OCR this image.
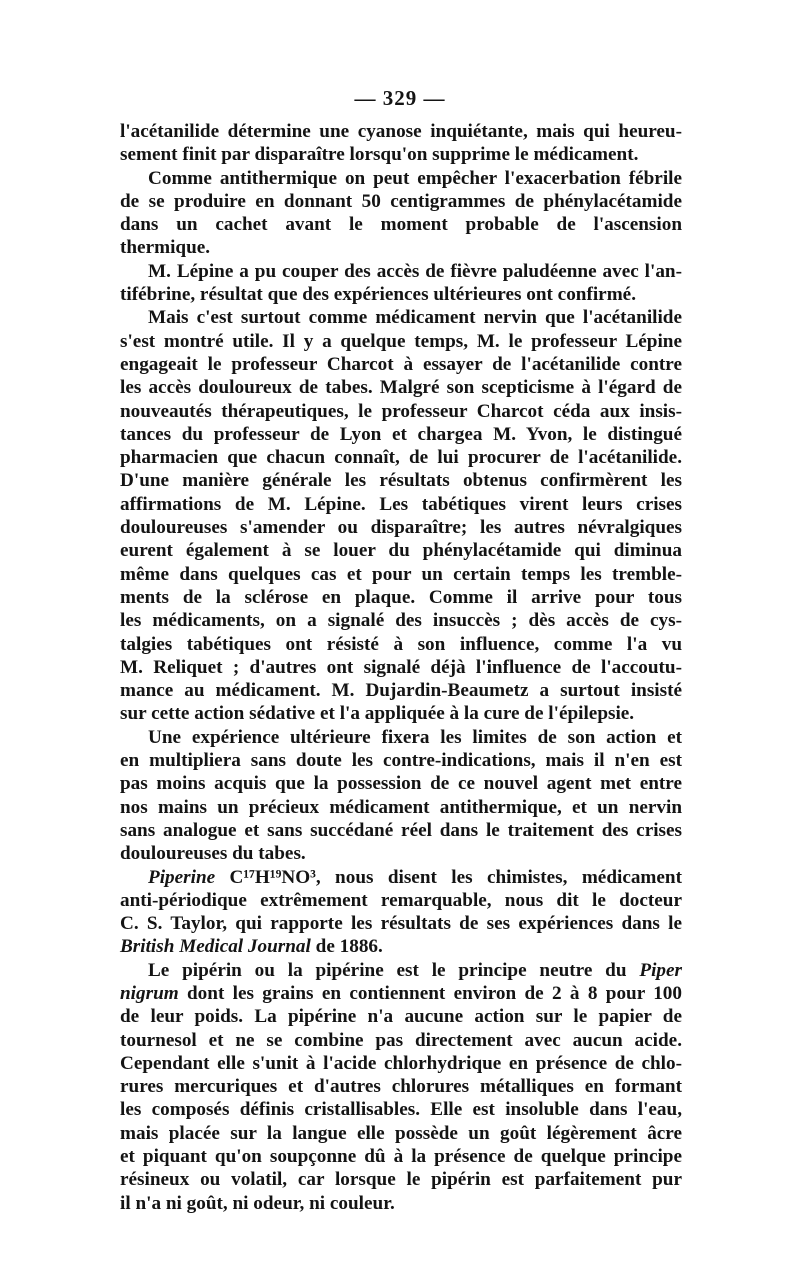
— 329 —
l'acétanilide détermine une cyanose inquiétante, mais qui heureu-
sement finit par disparaître lorsqu'on supprime le médicament.
Comme antithermique on peut empêcher l'exacerbation fébrile
de se produire en donnant 50 centigrammes de phénylacétamide
dans un cachet avant le moment probable de l'ascension
thermique.
M. Lépine a pu couper des accès de fièvre paludéenne avec l'an-
tifébrine, résultat que des expériences ultérieures ont confirmé.
Mais c'est surtout comme médicament nervin que l'acétanilide
s'est montré utile. Il y a quelque temps, M. le professeur Lépine
engageait le professeur Charcot à essayer de l'acétanilide contre
les accès douloureux de tabes. Malgré son scepticisme à l'égard de
nouveautés thérapeutiques, le professeur Charcot céda aux insis-
tances du professeur de Lyon et chargea M. Yvon, le distingué
pharmacien que chacun connaît, de lui procurer de l'acétanilide.
D'une manière générale les résultats obtenus confirmèrent les
affirmations de M. Lépine. Les tabétiques virent leurs crises
douloureuses s'amender ou disparaître; les autres névralgiques
eurent également à se louer du phénylacétamide qui diminua
même dans quelques cas et pour un certain temps les tremble-
ments de la sclérose en plaque. Comme il arrive pour tous
les médicaments, on a signalé des insuccès ; dès accès de cys-
talgies tabétiques ont résisté à son influence, comme l'a vu
M. Reliquet ; d'autres ont signalé déjà l'influence de l'accoutu-
mance au médicament. M. Dujardin-Beaumetz a surtout insisté
sur cette action sédative et l'a appliquée à la cure de l'épilepsie.
Une expérience ultérieure fixera les limites de son action et
en multipliera sans doute les contre-indications, mais il n'en est
pas moins acquis que la possession de ce nouvel agent met entre
nos mains un précieux médicament antithermique, et un nervin
sans analogue et sans succédané réel dans le traitement des crises
douloureuses du tabes.
Piperine C¹⁷H¹⁹NO³, nous disent les chimistes, médicament
anti-périodique extrêmement remarquable, nous dit le docteur
C. S. Taylor, qui rapporte les résultats de ses expériences dans le
British Medical Journal de 1886.
Le pipérin ou la pipérine est le principe neutre du Piper
nigrum dont les grains en contiennent environ de 2 à 8 pour 100
de leur poids. La pipérine n'a aucune action sur le papier de
tournesol et ne se combine pas directement avec aucun acide.
Cependant elle s'unit à l'acide chlorhydrique en présence de chlo-
rures mercuriques et d'autres chlorures métalliques en formant
les composés définis cristallisables. Elle est insoluble dans l'eau,
mais placée sur la langue elle possède un goût légèrement âcre
et piquant qu'on soupçonne dû à la présence de quelque principe
résineux ou volatil, car lorsque le pipérin est parfaitement pur
il n'a ni goût, ni odeur, ni couleur.
